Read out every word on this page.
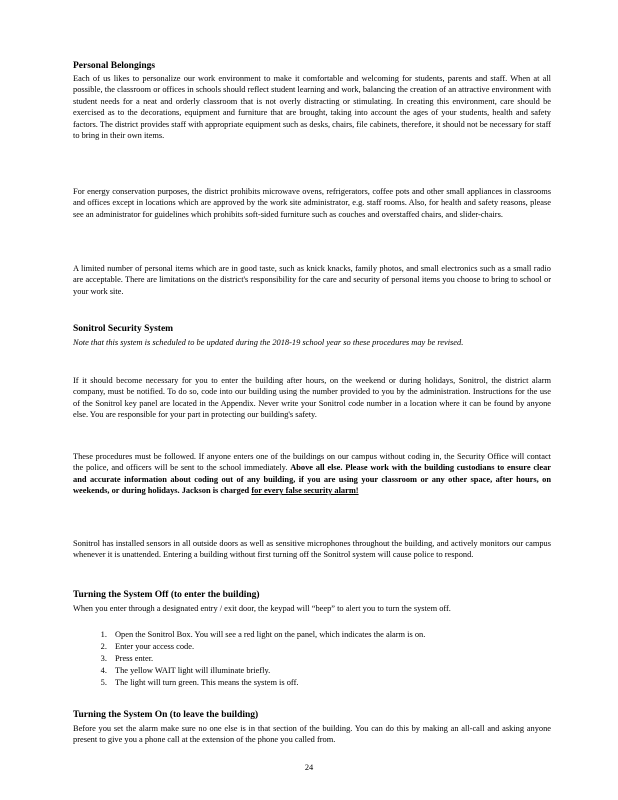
Personal Belongings

Each of us likes to personalize our work environment to make it comfortable and welcoming for students, parents and staff. When at all possible, the classroom or offices in schools should reflect student learning and work, balancing the creation of an attractive environment with student needs for a neat and orderly classroom that is not overly distracting or stimulating. In creating this environment, care should be exercised as to the decorations, equipment and furniture that are brought, taking into account the ages of your students, health and safety factors. The district provides staff with appropriate equipment such as desks, chairs, file cabinets, therefore, it should not be necessary for staff to bring in their own items.

For energy conservation purposes, the district prohibits microwave ovens, refrigerators, coffee pots and other small appliances in classrooms and offices except in locations which are approved by the work site administrator, e.g. staff rooms. Also, for health and safety reasons, please see an administrator for guidelines which prohibits soft-sided furniture such as couches and overstaffed chairs, and slider-chairs.

A limited number of personal items which are in good taste, such as knick knacks, family photos, and small electronics such as a small radio are acceptable. There are limitations on the district's responsibility for the care and security of personal items you choose to bring to school or your work site.

Sonitrol Security System

Note that this system is scheduled to be updated during the 2018-19 school year so these procedures may be revised.

If it should become necessary for you to enter the building after hours, on the weekend or during holidays, Sonitrol, the district alarm company, must be notified. To do so, code into our building using the number provided to you by the administration. Instructions for the use of the Sonitrol key panel are located in the Appendix. Never write your Sonitrol code number in a location where it can be found by anyone else. You are responsible for your part in protecting our building's safety.

These procedures must be followed. If anyone enters one of the buildings on our campus without coding in, the Security Office will contact the police, and officers will be sent to the school immediately. Above all else. Please work with the building custodians to ensure clear and accurate information about coding out of any building, if you are using your classroom or any other space, after hours, on weekends, or during holidays. Jackson is charged for every false security alarm!

Sonitrol has installed sensors in all outside doors as well as sensitive microphones throughout the building, and actively monitors our campus whenever it is unattended. Entering a building without first turning off the Sonitrol system will cause police to respond.

Turning the System Off (to enter the building)

When you enter through a designated entry / exit door, the keypad will “beep” to alert you to turn the system off.

1. Open the Sonitrol Box. You will see a red light on the panel, which indicates the alarm is on.
2. Enter your access code.
3. Press enter.
4. The yellow WAIT light will illuminate briefly.
5. The light will turn green. This means the system is off.
Turning the System On (to leave the building)

Before you set the alarm make sure no one else is in that section of the building. You can do this by making an all-call and asking anyone present to give you a phone call at the extension of the phone you called from.

24
